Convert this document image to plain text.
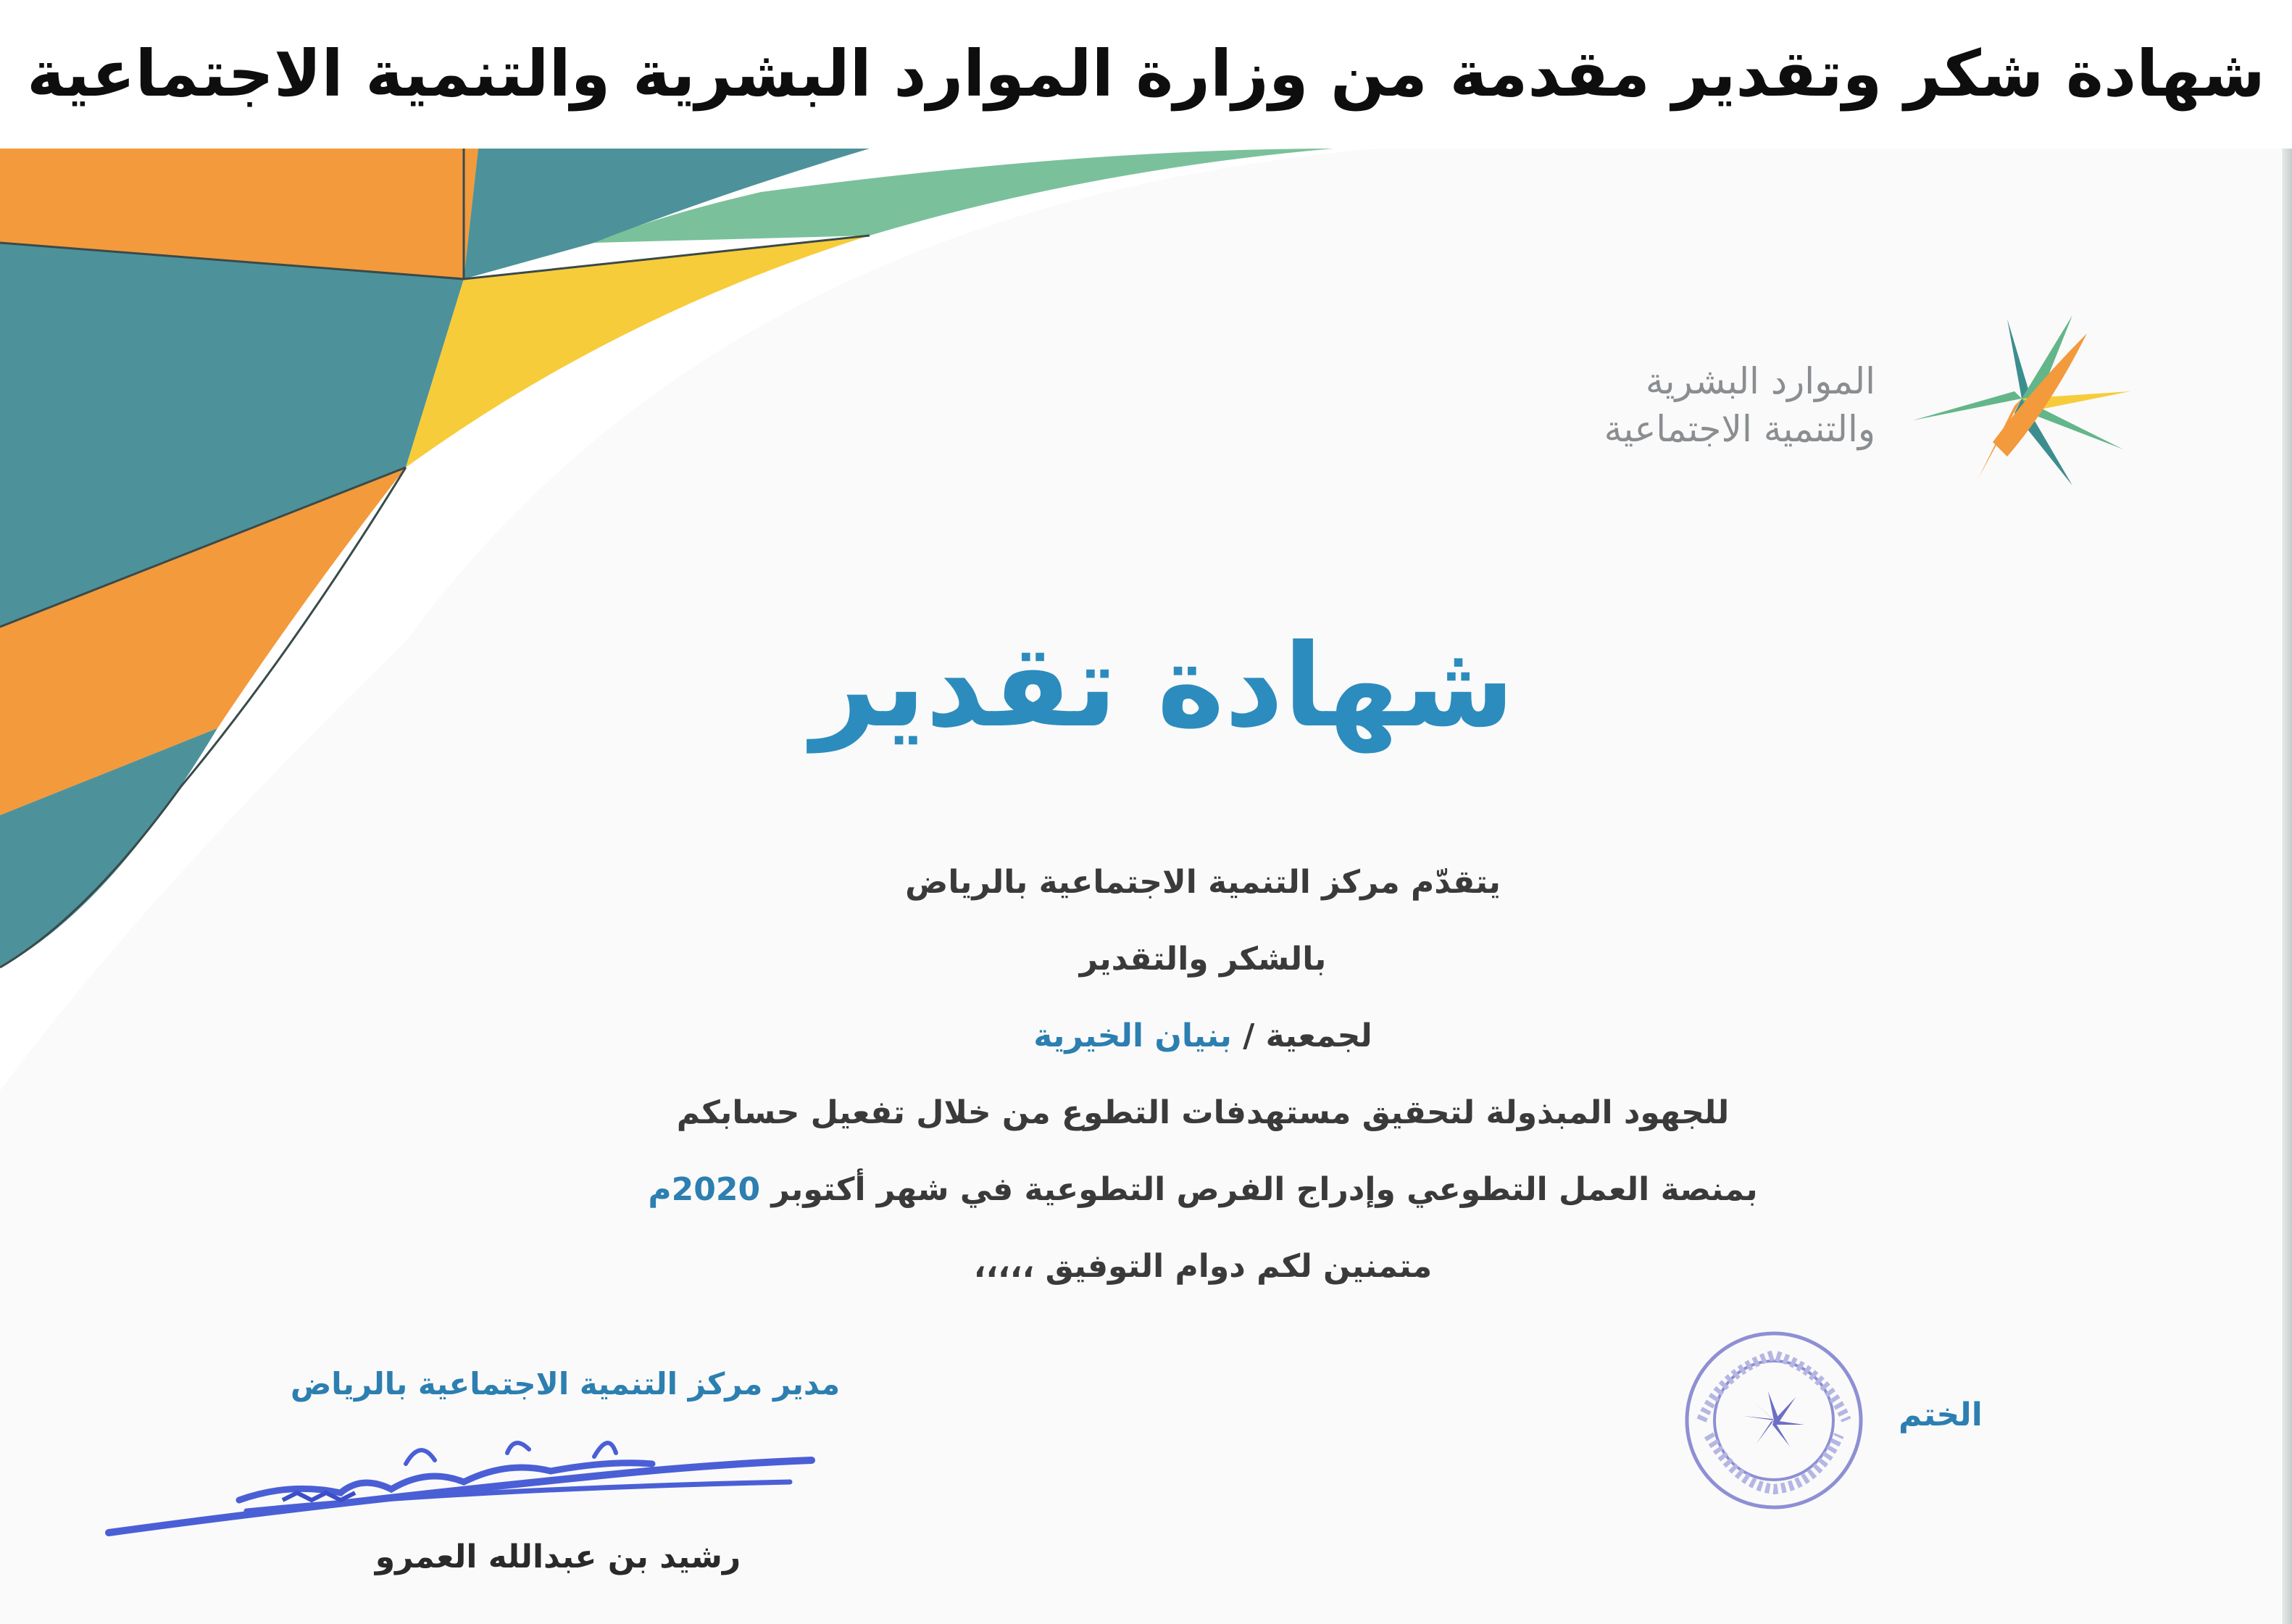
شهادة شكر وتقدير مقدمة من وزارة الموارد البشرية والتنمية الاجتماعية
الموارد البشرية
والتنمية الاجتماعية
شهادة تقدير
يتقدّم مركز التنمية الاجتماعية بالرياض
بالشكر والتقدير
لجمعية / بنيان الخيرية
للجهود المبذولة لتحقيق مستهدفات التطوع من خلال تفعيل حسابكم
بمنصة العمل التطوعي وإدراج الفرص التطوعية في شهر أكتوبر 2020م
متمنين لكم دوام التوفيق ،،،،،
مدير مركز التنمية الاجتماعية بالرياض
رشيد بن عبدالله العمرو
الختم
